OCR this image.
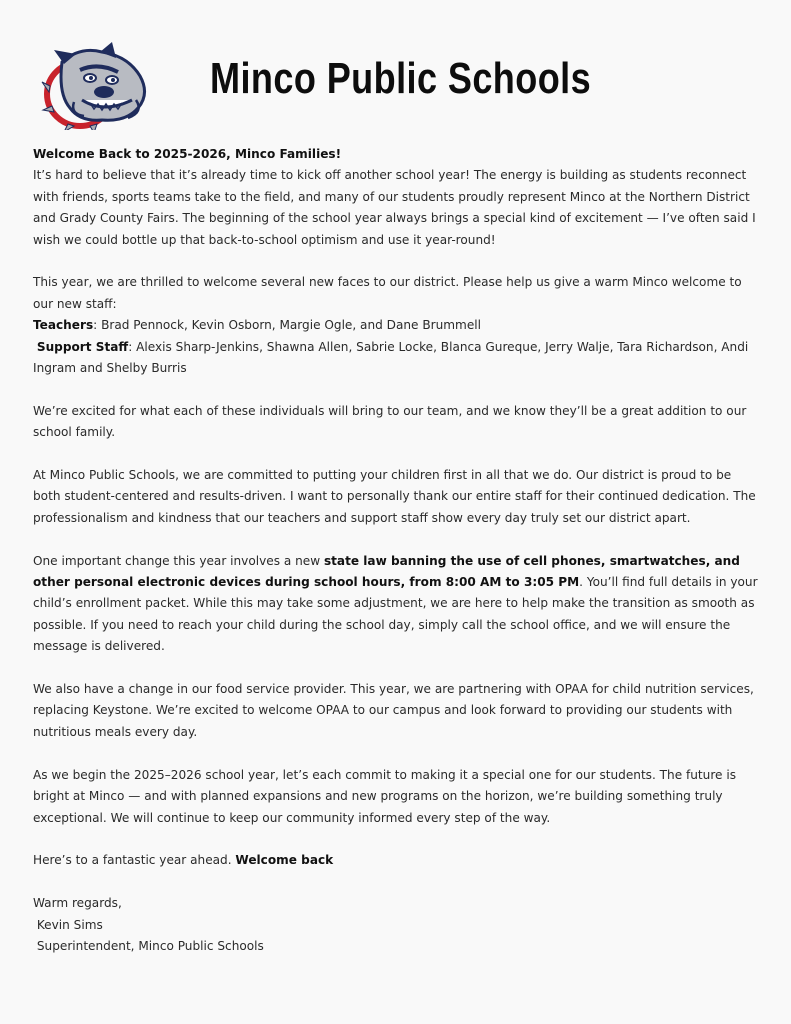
Minco Public Schools

Welcome Back to 2025-2026, Minco Families!
It’s hard to believe that it’s already time to kick off another school year! The energy is building as students reconnect with friends, sports teams take to the field, and many of our students proudly represent Minco at the Northern District and Grady County Fairs. The beginning of the school year always brings a special kind of excitement — I’ve often said I wish we could bottle up that back-to-school optimism and use it year-round!

This year, we are thrilled to welcome several new faces to our district. Please help us give a warm Minco welcome to our new staff:
Teachers: Brad Pennock, Kevin Osborn, Margie Ogle, and Dane Brummell
Support Staff: Alexis Sharp-Jenkins, Shawna Allen, Sabrie Locke, Blanca Gureque, Jerry Walje, Tara Richardson, Andi Ingram and Shelby Burris

We’re excited for what each of these individuals will bring to our team, and we know they’ll be a great addition to our school family.

At Minco Public Schools, we are committed to putting your children first in all that we do. Our district is proud to be both student-centered and results-driven. I want to personally thank our entire staff for their continued dedication. The professionalism and kindness that our teachers and support staff show every day truly set our district apart.

One important change this year involves a new state law banning the use of cell phones, smartwatches, and other personal electronic devices during school hours, from 8:00 AM to 3:05 PM. You’ll find full details in your child’s enrollment packet. While this may take some adjustment, we are here to help make the transition as smooth as possible. If you need to reach your child during the school day, simply call the school office, and we will ensure the message is delivered.

We also have a change in our food service provider. This year, we are partnering with OPAA for child nutrition services, replacing Keystone. We’re excited to welcome OPAA to our campus and look forward to providing our students with nutritious meals every day.

As we begin the 2025–2026 school year, let’s each commit to making it a special one for our students. The future is bright at Minco — and with planned expansions and new programs on the horizon, we’re building something truly exceptional. We will continue to keep our community informed every step of the way.

Here’s to a fantastic year ahead. Welcome back

Warm regards,

Kevin Sims

Superintendent, Minco Public Schools
